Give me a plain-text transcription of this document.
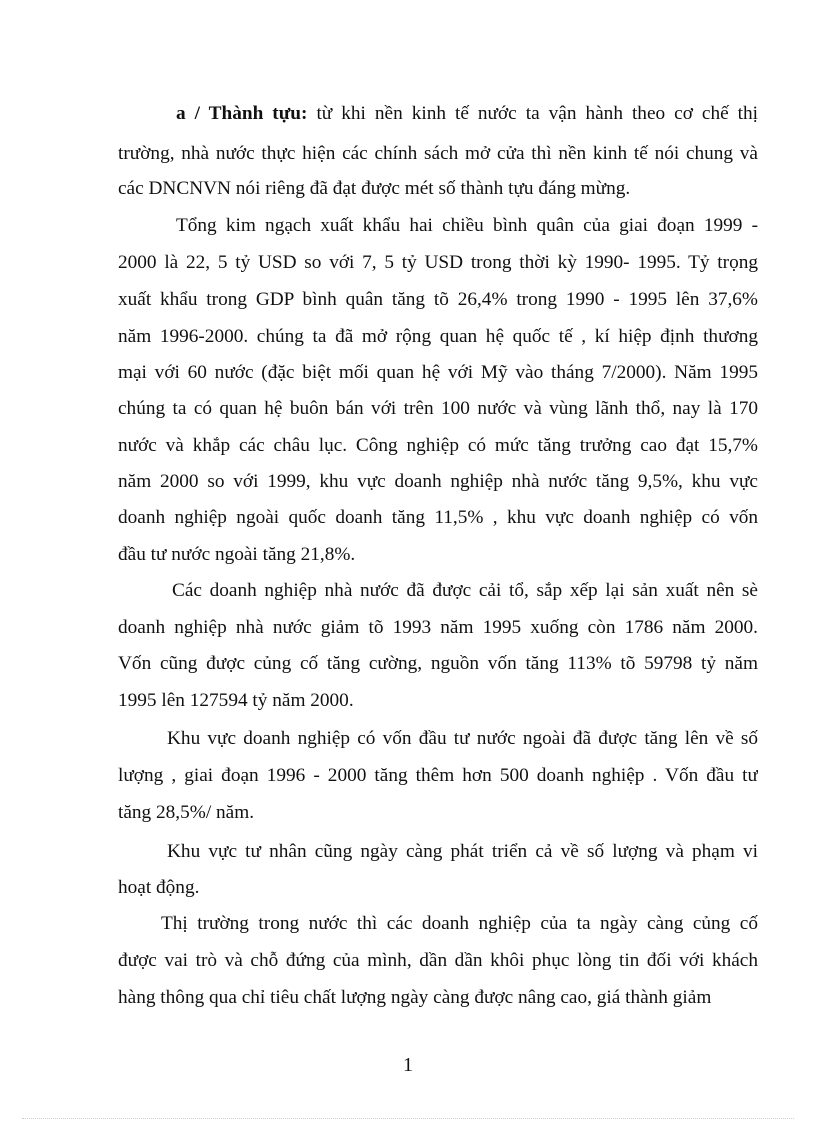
a / Thành tựu: từ khi nền kinh tế nước ta vận hành theo cơ chế thị
trường, nhà nước thực hiện các chính sách mở cửa thì nền kinh tế nói chung và
các DNCNVN nói riêng đã đạt được mét số thành tựu đáng mừng.
Tổng kim ngạch xuất khẩu hai chiều bình quân của giai đoạn 1999 -
2000 là 22, 5 tỷ USD so với 7, 5 tỷ USD trong thời kỳ 1990- 1995. Tỷ trọng
xuất khẩu trong GDP bình quân tăng tõ 26,4% trong 1990 - 1995 lên 37,6%
năm 1996-2000. chúng ta đã mở rộng quan hệ quốc tế , kí hiệp định thương
mại với 60 nước (đặc biệt mối quan hệ với Mỹ vào tháng 7/2000). Năm 1995
chúng ta có quan hệ buôn bán với trên 100 nước và vùng lãnh thổ, nay là 170
nước và khắp các châu lục. Công nghiệp có mức tăng trưởng cao đạt 15,7%
năm 2000 so với 1999, khu vực doanh nghiệp nhà nước tăng 9,5%, khu vực
doanh nghiệp ngoài quốc doanh tăng 11,5% , khu vực doanh nghiệp có vốn
đầu tư nước ngoài tăng 21,8%.
Các doanh nghiệp nhà nước đã được cải tổ, sắp xếp lại sản xuất nên sè
doanh nghiệp nhà nước giảm tõ 1993 năm 1995 xuống còn 1786 năm 2000.
Vốn cũng được củng cố tăng cường, nguồn vốn tăng 113% tõ 59798 tỷ năm
1995 lên 127594 tỷ năm 2000.
Khu vực doanh nghiệp có vốn đầu tư nước ngoài đã được tăng lên về số
lượng , giai đoạn 1996 - 2000 tăng thêm hơn 500 doanh nghiệp . Vốn đầu tư
tăng 28,5%/ năm.
Khu vực tư nhân cũng ngày càng phát triển cả về số lượng và phạm vi
hoạt động.
Thị trường trong nước thì các doanh nghiệp của ta ngày càng củng cố
được vai trò và chỗ đứng của mình, dần dần khôi phục lòng tin đối với khách
hàng thông qua chỉ tiêu chất lượng ngày càng được nâng cao, giá thành giảm
1
